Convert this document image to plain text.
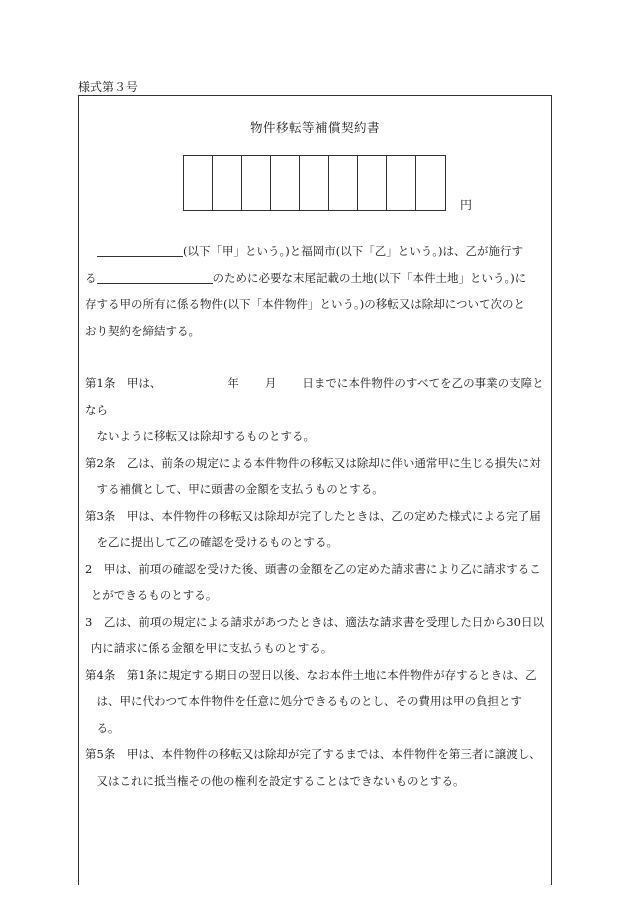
様式第３号
物件移転等補償契約書
円

(以下「甲」という。)と福岡市(以下「乙」という。)は、乙が施行す

る	のために必要な末尾記載の土地(以下「本件土地」という。)に

存する甲の所有に係る物件(以下「本件物件」という。)の移転又は除却について次のと

おり契約を締結する。

第1条　甲は、	年 月 日までに本件物件のすべてを乙の事業の支障となら

ないように移転又は除却するものとする。

第2条　乙は、前条の規定による本件物件の移転又は除却に伴い通常甲に生じる損失に対

する補償として、甲に頭書の金額を支払うものとする。

第3条　甲は、本件物件の移転又は除却が完了したときは、乙の定めた様式による完了届

を乙に提出して乙の確認を受けるものとする。

2　甲は、前項の確認を受けた後、頭書の金額を乙の定めた請求書により乙に請求するこ

とができるものとする。

3　乙は、前項の規定による請求があつたときは、適法な請求書を受理した日から30日以

内に請求に係る金額を甲に支払うものとする。

第4条　第1条に規定する期日の翌日以後、なお本件土地に本件物件が存するときは、乙

は、甲に代わつて本件物件を任意に処分できるものとし、その費用は甲の負担とす

る。

第5条　甲は、本件物件の移転又は除却が完了するまでは、本件物件を第三者に譲渡し、

又はこれに抵当権その他の権利を設定することはできないものとする。
